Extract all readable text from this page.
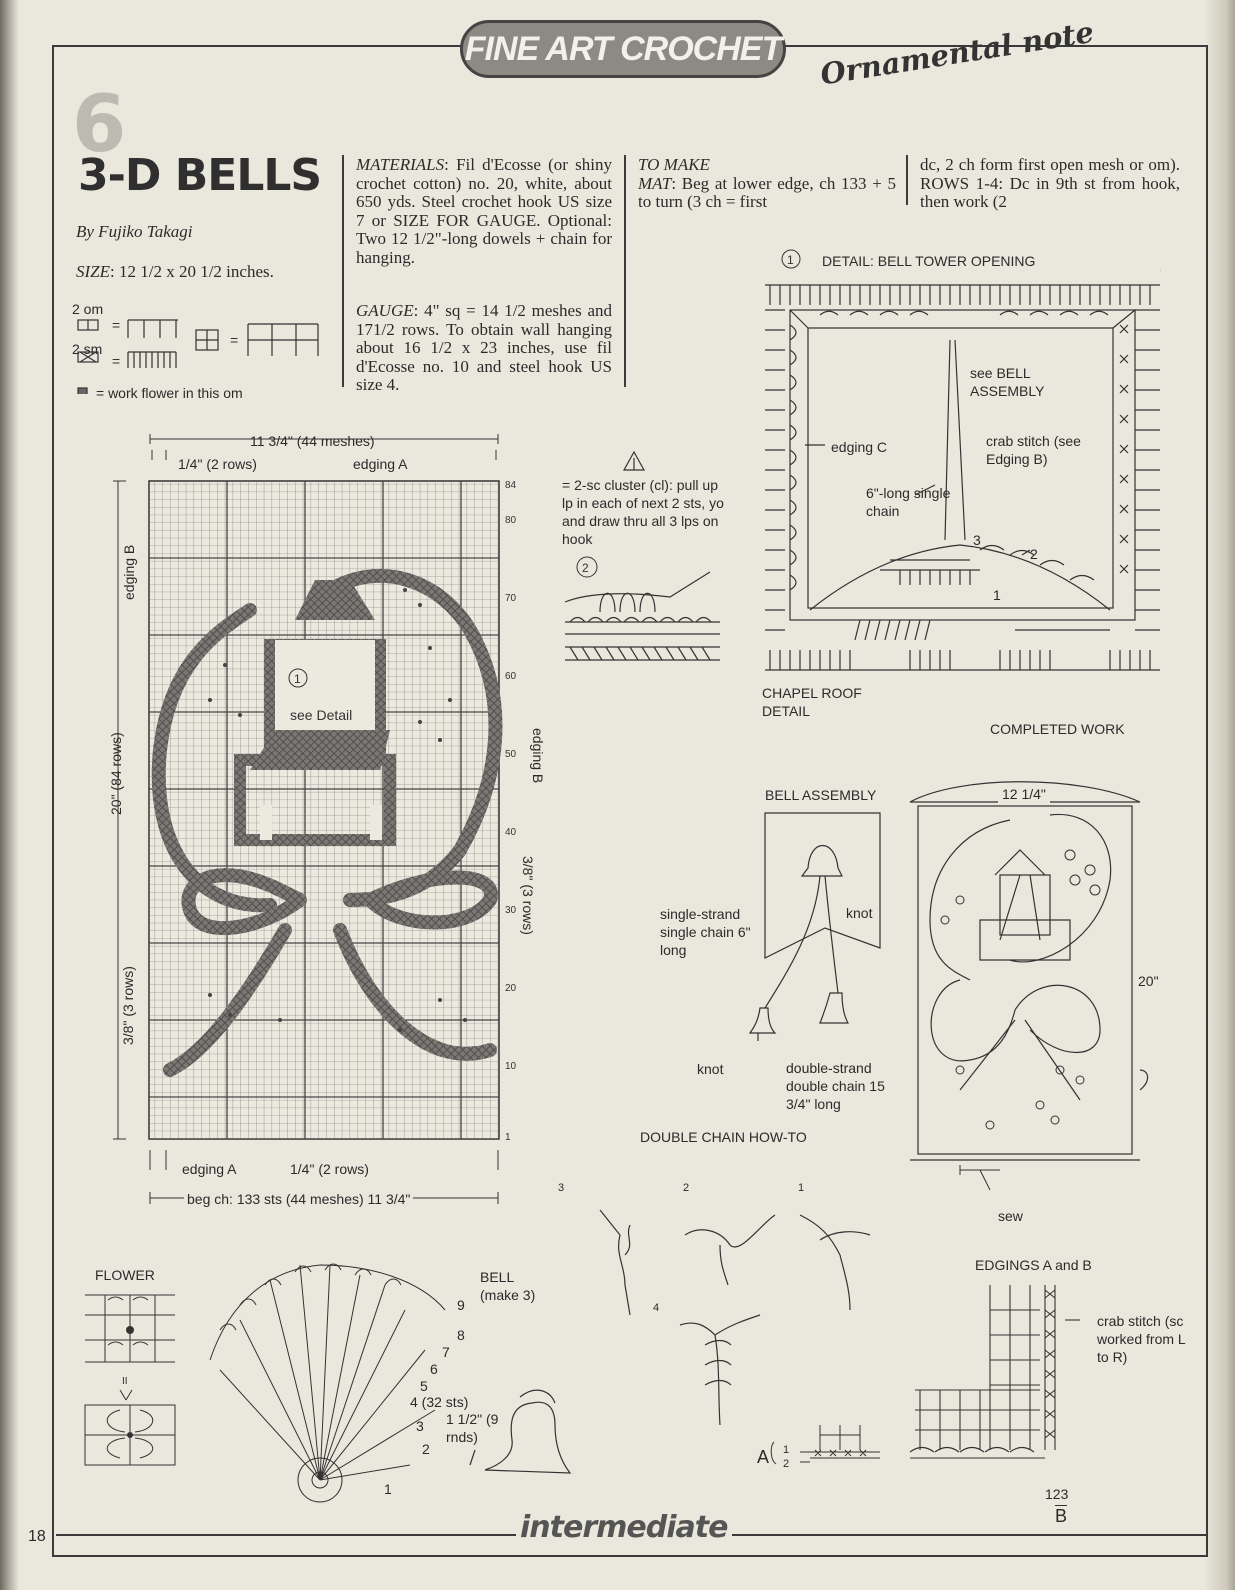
FINE ART CROCHET Ornamental note
6
3-D BELLS
By Fujiko Takagi
SIZE: 12 1/2 x 20 1/2 inches.
2 om
2 sm
=
=
=
= work flower in this om
MATERIALS: Fil d'Ecosse (or shiny crochet cotton) no. 20, white, about 650 yds. Steel crochet hook US size 7 or SIZE FOR GAUGE. Optional: Two 12 1/2"-long dowels + chain for hanging.
GAUGE: 4" sq = 14 1/2 meshes and 171/2 rows. To obtain wall hanging about 16 1/2 x 23 inches, use fil d'Ecosse no. 10 and steel hook US size 4.
TO MAKE
MAT: Beg at lower edge, ch 133 + 5 to turn (3 ch = first
dc, 2 ch form first open mesh or om). ROWS 1-4: Dc in 9th st from hook, then work (2
11 3/4" (44 meshes)
1/4" (2 rows)	edging A
1
see Detail
84
80
70
60
50
40
30
20
10
1
edging B
20" (84 rows)
3/8" (3 rows)
edging B
3/8" (3 rows)
edging A	1/4" (2 rows)
beg ch: 133 sts (44 meshes) 11 3/4"
= 2-sc cluster (cl): pull up lp in each of next 2 sts, yo and draw thru all 3 lps on hook
2
1 DETAIL: BELL TOWER OPENING
see BELL ASSEMBLY
edging C	crab stitch (see Edging B)
6"-long single chain
3
2
1
CHAPEL ROOF DETAIL
COMPLETED WORK
12 1/4"
20"
sew
BELL ASSEMBLY
single-strand single chain 6" long
knot
knot	double-strand double chain 15 3/4" long
DOUBLE CHAIN HOW-TO
3	2	1
4
FLOWER
II
BELL (make 3)
9
8
7
6
5
4 (32 sts)
3
2
1
1 1/2" (9 rnds)
EDGINGS A and B
crab stitch (sc worked from L to R)
A 1
2
123
B
18	intermediate
